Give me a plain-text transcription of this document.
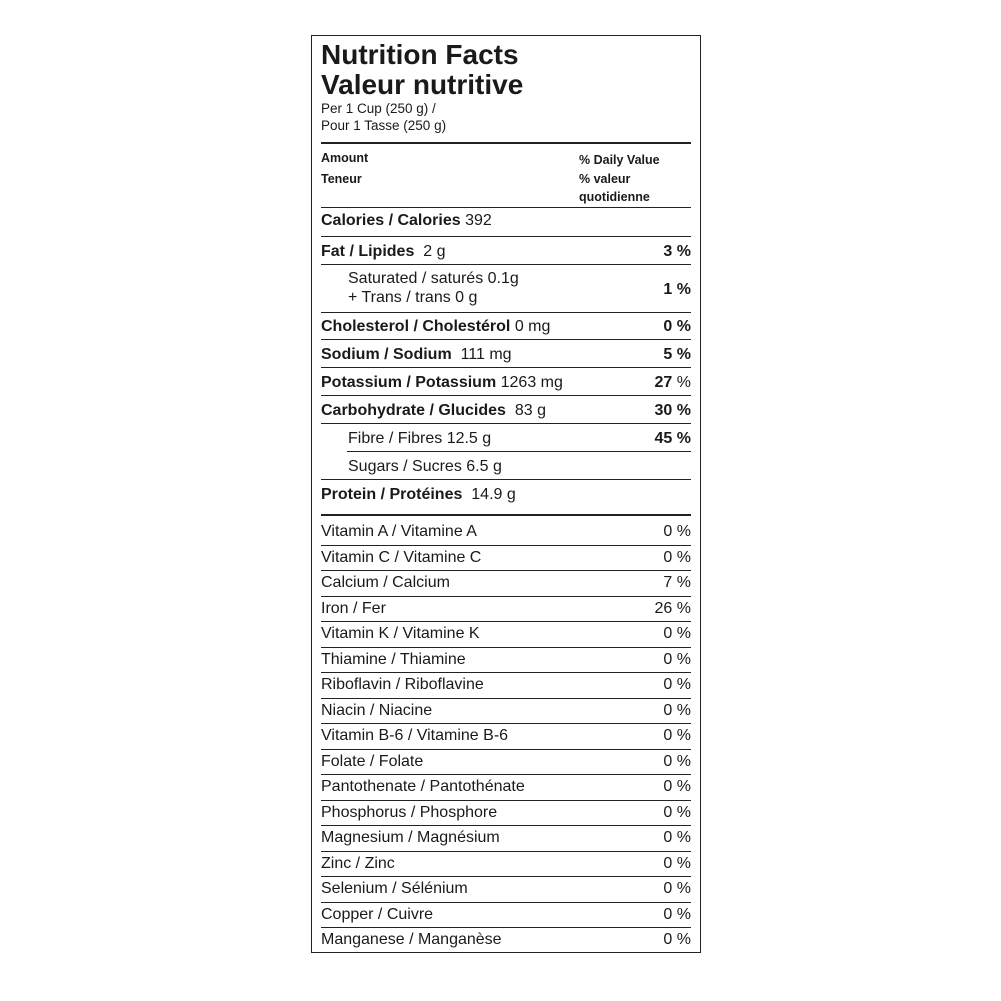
Nutrition Facts
Valeur nutritive
Per 1 Cup (250 g) /
Pour 1 Tasse (250 g)
Amount
Teneur
% Daily Value
% valeur
quotidienne
Calories / Calories 392
Fat / Lipides 2 g	3 %
Saturated / saturés 0.1g
+ Trans / trans 0 g	1 %
Cholesterol / Cholestérol 0 mg	0 %
Sodium / Sodium 111 mg	5 %
Potassium / Potassium 1263 mg	27 %
Carbohydrate / Glucides 83 g	30 %
Fibre / Fibres 12.5 g	45 %
Sugars / Sucres 6.5 g
Protein / Protéines 14.9 g
Vitamin A / Vitamine A	0 %
Vitamin C / Vitamine C	0 %
Calcium / Calcium	7 %
Iron / Fer	26 %
Vitamin K / Vitamine K	0 %
Thiamine / Thiamine	0 %
Riboflavin / Riboflavine	0 %
Niacin / Niacine	0 %
Vitamin B-6 / Vitamine B-6	0 %
Folate / Folate	0 %
Pantothenate / Pantothénate	0 %
Phosphorus / Phosphore	0 %
Magnesium / Magnésium	0 %
Zinc / Zinc	0 %
Selenium / Sélénium	0 %
Copper / Cuivre	0 %
Manganese / Manganèse	0 %
